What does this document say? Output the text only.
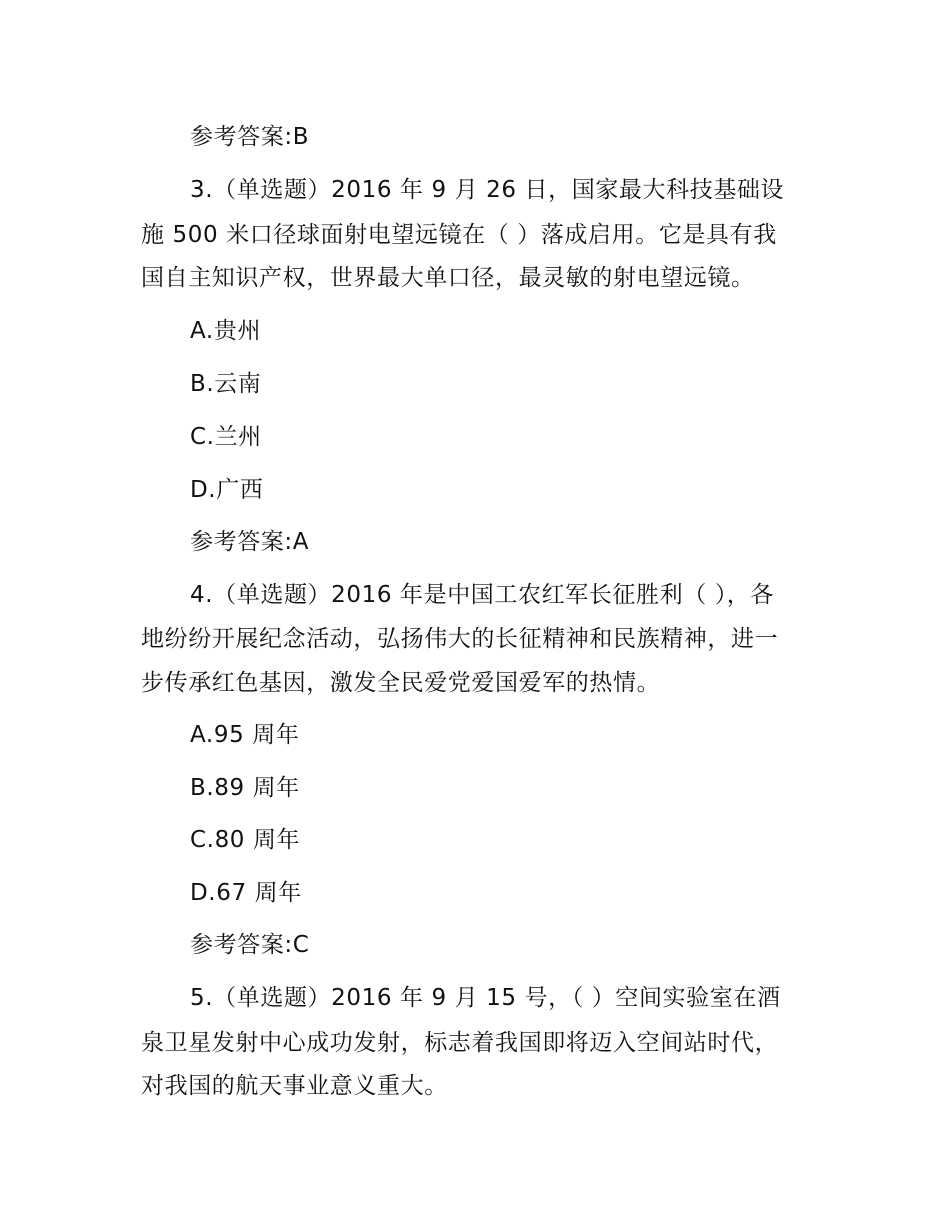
参考答案:B
3.（单选题）2016 年 9 月 26 日，国家最大科技基础设
施 500 米口径球面射电望远镜在（ ）落成启用。它是具有我
国自主知识产权，世界最大单口径，最灵敏的射电望远镜。
A.贵州
B.云南
C.兰州
D.广西
参考答案:A
4.（单选题）2016 年是中国工农红军长征胜利（ ），各
地纷纷开展纪念活动，弘扬伟大的长征精神和民族精神，进一
步传承红色基因，激发全民爱党爱国爱军的热情。
A.95 周年
B.89 周年
C.80 周年
D.67 周年
参考答案:C
5.（单选题）2016 年 9 月 15 号，（ ）空间实验室在酒
泉卫星发射中心成功发射，标志着我国即将迈入空间站时代，
对我国的航天事业意义重大。
